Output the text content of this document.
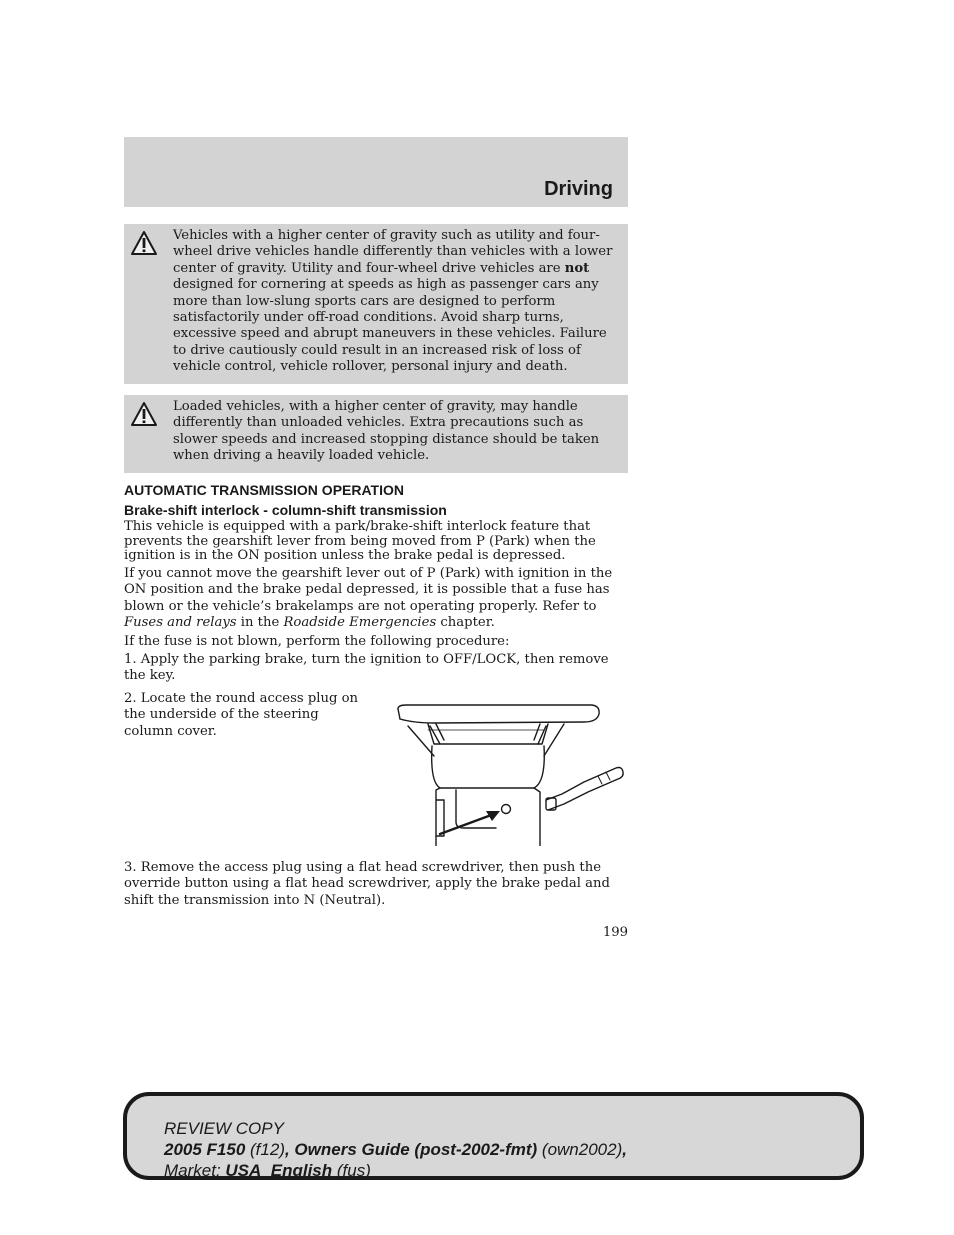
Driving

Vehicles with a higher center of gravity such as utility and four-wheel drive vehicles handle differently than vehicles with a lower center of gravity. Utility and four-wheel drive vehicles are not designed for cornering at speeds as high as passenger cars any more than low-slung sports cars are designed to perform satisfactorily under off-road conditions. Avoid sharp turns, excessive speed and abrupt maneuvers in these vehicles. Failure to drive cautiously could result in an increased risk of loss of vehicle control, vehicle rollover, personal injury and death.

Loaded vehicles, with a higher center of gravity, may handle differently than unloaded vehicles. Extra precautions such as slower speeds and increased stopping distance should be taken when driving a heavily loaded vehicle.

AUTOMATIC TRANSMISSION OPERATION
Brake-shift interlock - column-shift transmission

This vehicle is equipped with a park/brake-shift interlock feature that prevents the gearshift lever from being moved from P (Park) when the ignition is in the ON position unless the brake pedal is depressed.

If you cannot move the gearshift lever out of P (Park) with ignition in the ON position and the brake pedal depressed, it is possible that a fuse has blown or the vehicle’s brakelamps are not operating properly. Refer to Fuses and relays in the Roadside Emergencies chapter.

If the fuse is not blown, perform the following procedure:

1. Apply the parking brake, turn the ignition to OFF/LOCK, then remove the key.

2. Locate the round access plug on the underside of the steering column cover.

3. Remove the access plug using a flat head screwdriver, then push the override button using a flat head screwdriver, apply the brake pedal and shift the transmission into N (Neutral).

199
REVIEW COPY
2005 F150 (f12), Owners Guide (post-2002-fmt) (own2002),
Market: USA_English (fus)
